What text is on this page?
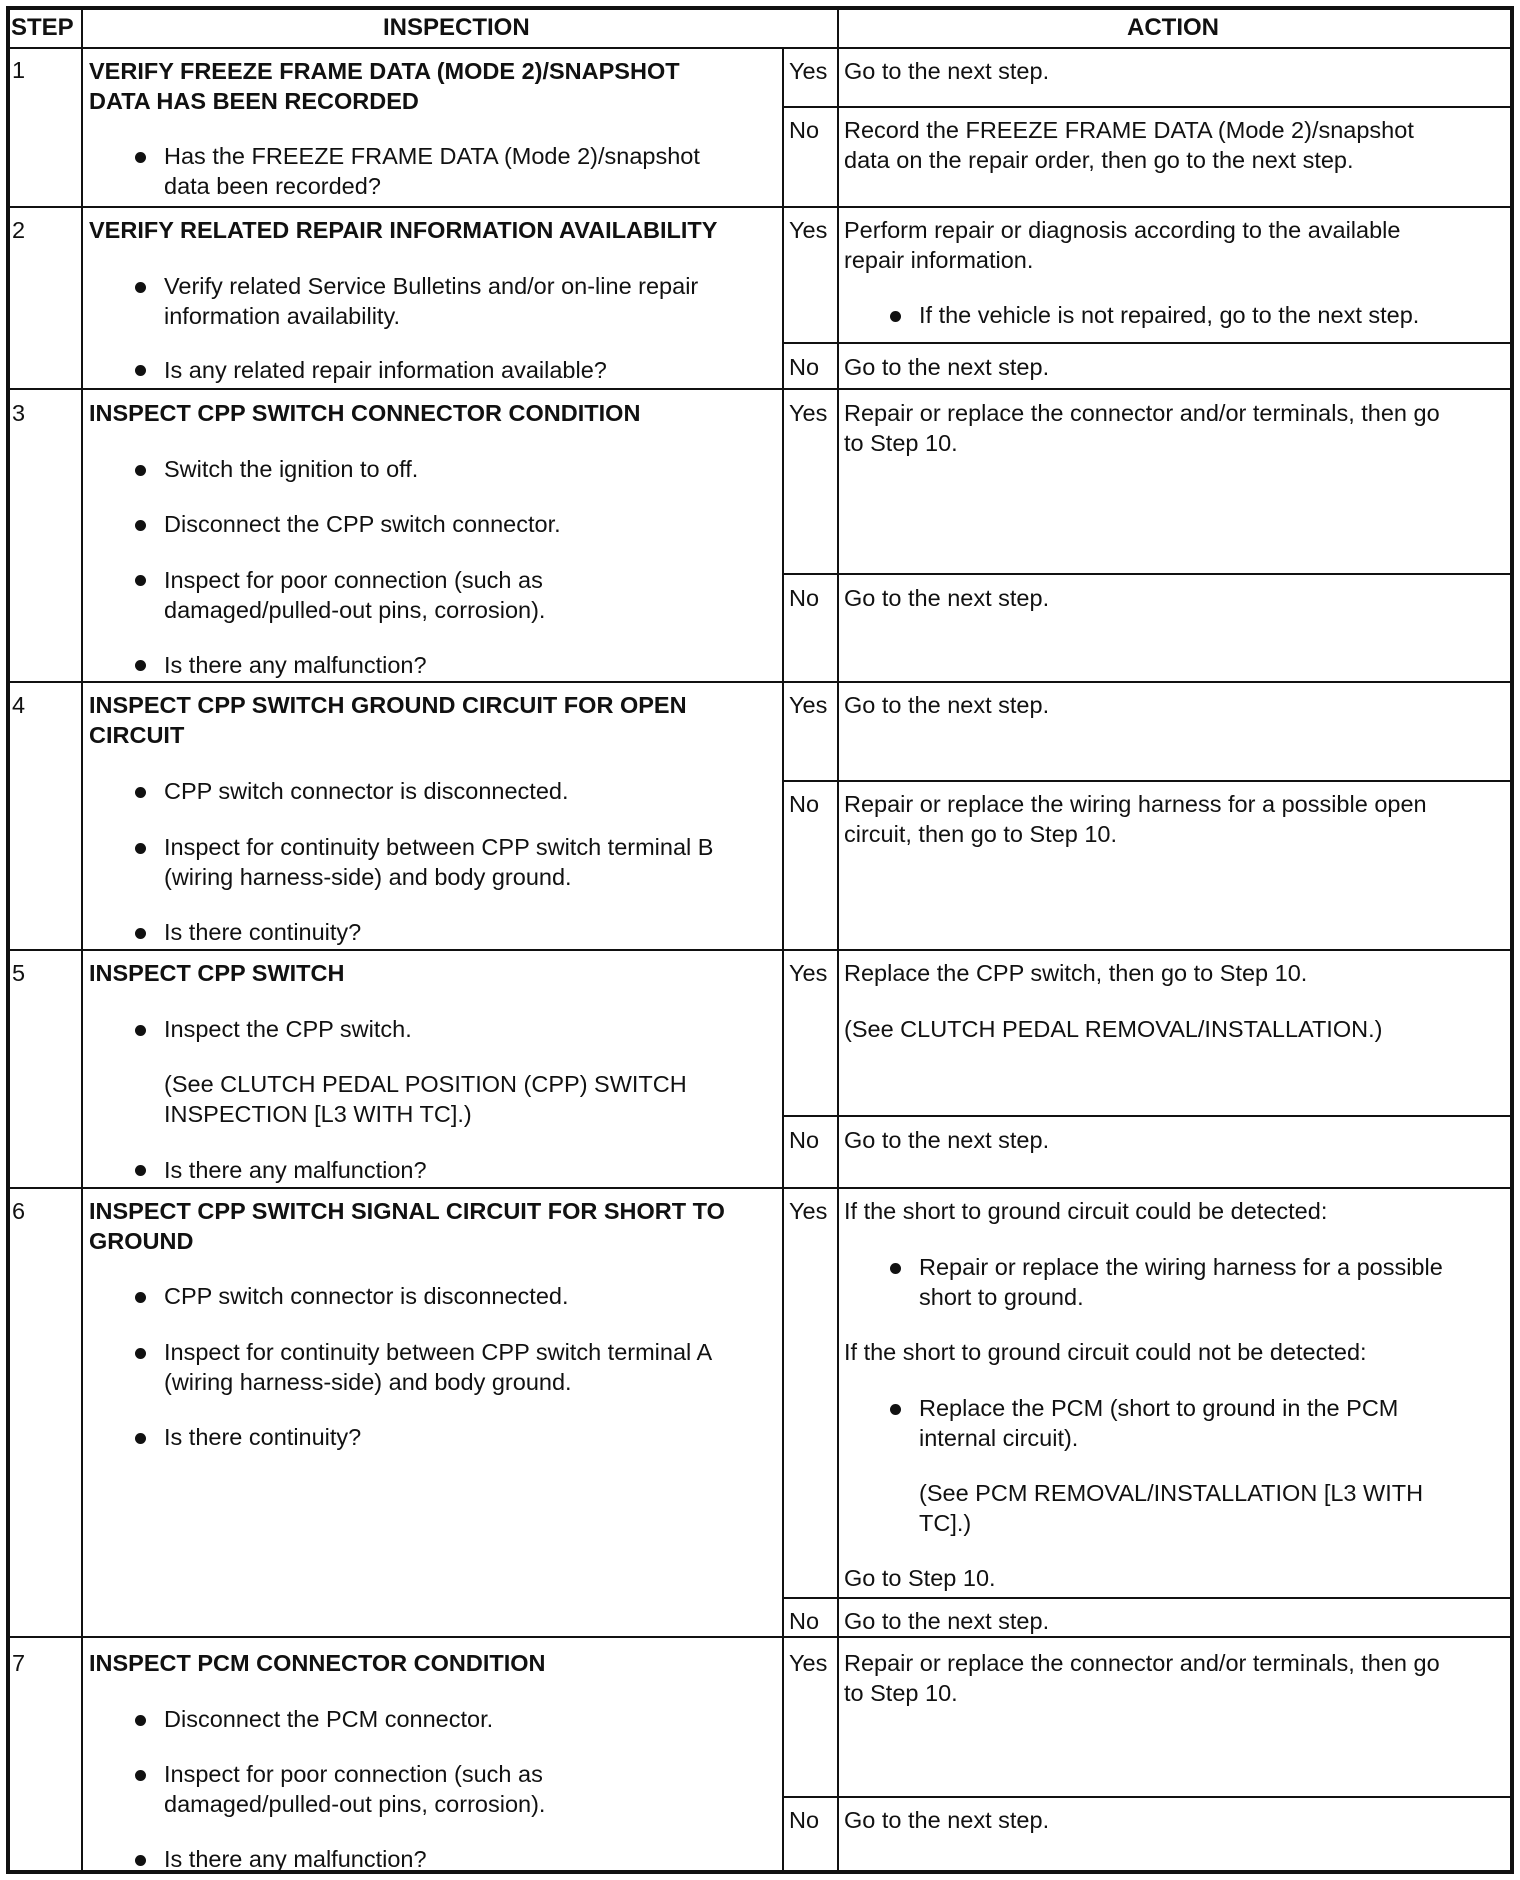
STEP	INSPECTION	ACTION
1	VERIFY FREEZE FRAME DATA (MODE 2)/SNAPSHOT
DATA HAS BEEN RECORDED
Has the FREEZE FRAME DATA (Mode 2)/snapshot
data been recorded?
Yes Go to the next step.
No Record the FREEZE FRAME DATA (Mode 2)/snapshot
data on the repair order, then go to the next step.
2	VERIFY RELATED REPAIR INFORMATION AVAILABILITY
Verify related Service Bulletins and/or on-line repair
information availability.
Is any related repair information available?
Yes Perform repair or diagnosis according to the available
repair information.
If the vehicle is not repaired, go to the next step.
No Go to the next step.
3	INSPECT CPP SWITCH CONNECTOR CONDITION
Switch the ignition to off.
Disconnect the CPP switch connector.
Inspect for poor connection (such as
damaged/pulled-out pins, corrosion).
Is there any malfunction?
Yes Repair or replace the connector and/or terminals, then go
to Step 10.
No Go to the next step.
4	INSPECT CPP SWITCH GROUND CIRCUIT FOR OPEN
CIRCUIT
CPP switch connector is disconnected.
Inspect for continuity between CPP switch terminal B
(wiring harness-side) and body ground.
Is there continuity?
Yes Go to the next step.
No Repair or replace the wiring harness for a possible open
circuit, then go to Step 10.
5	INSPECT CPP SWITCH
Inspect the CPP switch.
(See CLUTCH PEDAL POSITION (CPP) SWITCH
INSPECTION [L3 WITH TC].)
Is there any malfunction?
Yes Replace the CPP switch, then go to Step 10.
(See CLUTCH PEDAL REMOVAL/INSTALLATION.)
No Go to the next step.
6	INSPECT CPP SWITCH SIGNAL CIRCUIT FOR SHORT TO
GROUND
CPP switch connector is disconnected.
Inspect for continuity between CPP switch terminal A
(wiring harness-side) and body ground.
Is there continuity?
Yes If the short to ground circuit could be detected:
Repair or replace the wiring harness for a possible
short to ground.
If the short to ground circuit could not be detected:
Replace the PCM (short to ground in the PCM
internal circuit).
(See PCM REMOVAL/INSTALLATION [L3 WITH
TC].)
Go to Step 10.
No Go to the next step.
7	INSPECT PCM CONNECTOR CONDITION
Disconnect the PCM connector.
Inspect for poor connection (such as
damaged/pulled-out pins, corrosion).
Is there any malfunction?
Yes Repair or replace the connector and/or terminals, then go
to Step 10.
No Go to the next step.
